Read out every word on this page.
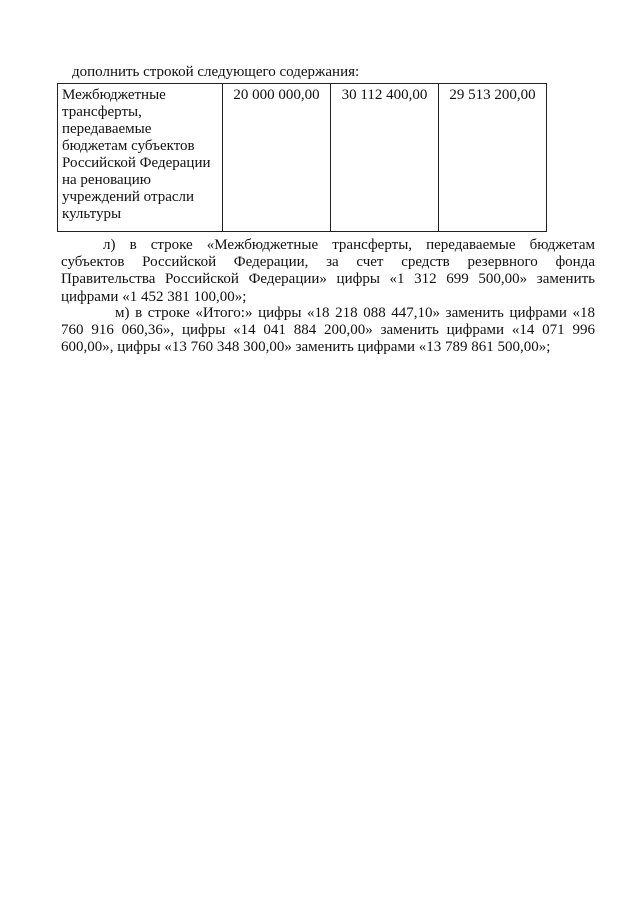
дополнить строкой следующего содержания:
Межбюджетные трансферты, передаваемые бюджетам субъектов Российской Федерации на реновацию учреждений отрасли культуры	20 000 000,00	30 112 400,00	29 513 200,00
л) в строке «Межбюджетные трансферты, передаваемые бюджетам субъектов Российской Федерации, за счет средств резервного фонда Правительства Российской Федерации» цифры «1 312 699 500,00» заменить цифрами «1 452 381 100,00»;
м) в строке «Итого:» цифры «18 218 088 447,10» заменить цифрами «18 760 916 060,36», цифры «14 041 884 200,00» заменить цифрами «14 071 996 600,00», цифры «13 760 348 300,00» заменить цифрами «13 789 861 500,00»;
